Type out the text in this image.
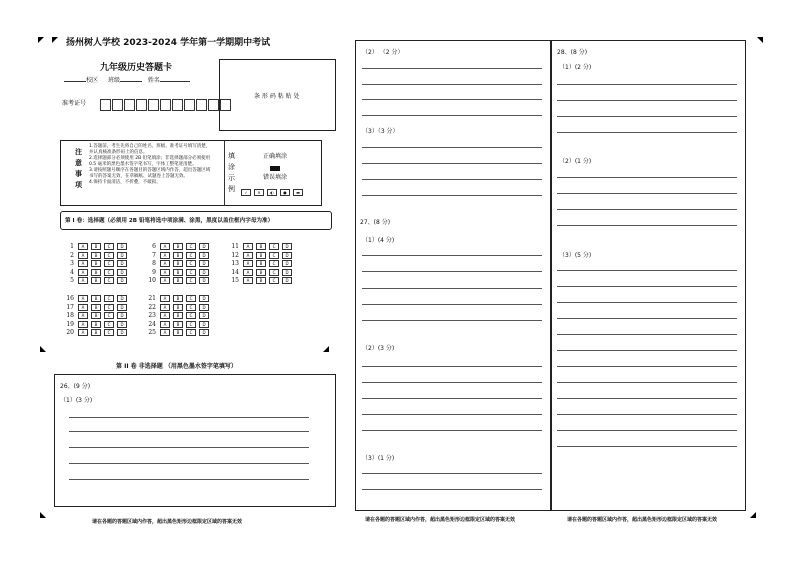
扬州树人学校 2023-2024 学年第一学期期中考试
九年级历史答题卡
校区 班级	姓名
准考证号
条 形 码 粘 贴 处
注意事项
1.答题前，考生先将自己的姓名、班级、准考证号填写清楚，
并认真核准条形码上的信息。
2.选择题部分必须使用 2B 铅笔填涂；非选择题部分必须使用
0.5 毫米的黑色墨水签字笔书写，字体工整笔迹清楚。
3.请按照题号顺序在各题目的答题区域内作答，超出答题区域
书写的答案无效，在草稿纸、试题卷上答题无效。
4.保持卡面清洁，不折叠，不破损。
填涂示例
正确填涂
错误填涂
✓ ✕ ◐ ● ▬
第 I 卷：选择题（必须用 2B 铅笔将选中项涂满、涂黑，黑度以盖住框内字母为准）
1	A	B	C	D
2	A	B	C	D
3	A	B	C	D
4	A	B	C	D
5	A	B	C	D
6	A	B	C	D
7	A	B	C	D
8	A	B	C	D
9	A	B	C	D
10	A	B	C	D
11	A	B	C	D
12	A	B	C	D
13	A	B	C	D
14	A	B	C	D
15	A	B	C	D
16	A	B	C	D
17	A	B	C	D
18	A	B	C	D
19	A	B	C	D
20	A	B	C	D
21	A	B	C	D
22	A	B	C	D
23	A	B	C	D
24	A	B	C	D
25	A	B	C	D
第 II 卷 非选择题 （用黑色墨水签字笔填写）
26、(9 分)
（1）(3 分)
请在各题的答题区域内作答，超出黑色矩形边框限定区域的答案无效
（2） （2 分）
（3）（3 分）
27、(8 分)
（1）(4 分)
（2）(3 分)
（3）(1 分)
请在各题的答题区域内作答，超出黑色矩形边框限定区域的答案无效
28、(8 分)
（1）(2 分)
（2）(1 分)
（3）(5 分)
请在各题的答题区域内作答，超出黑色矩形边框限定区域的答案无效
